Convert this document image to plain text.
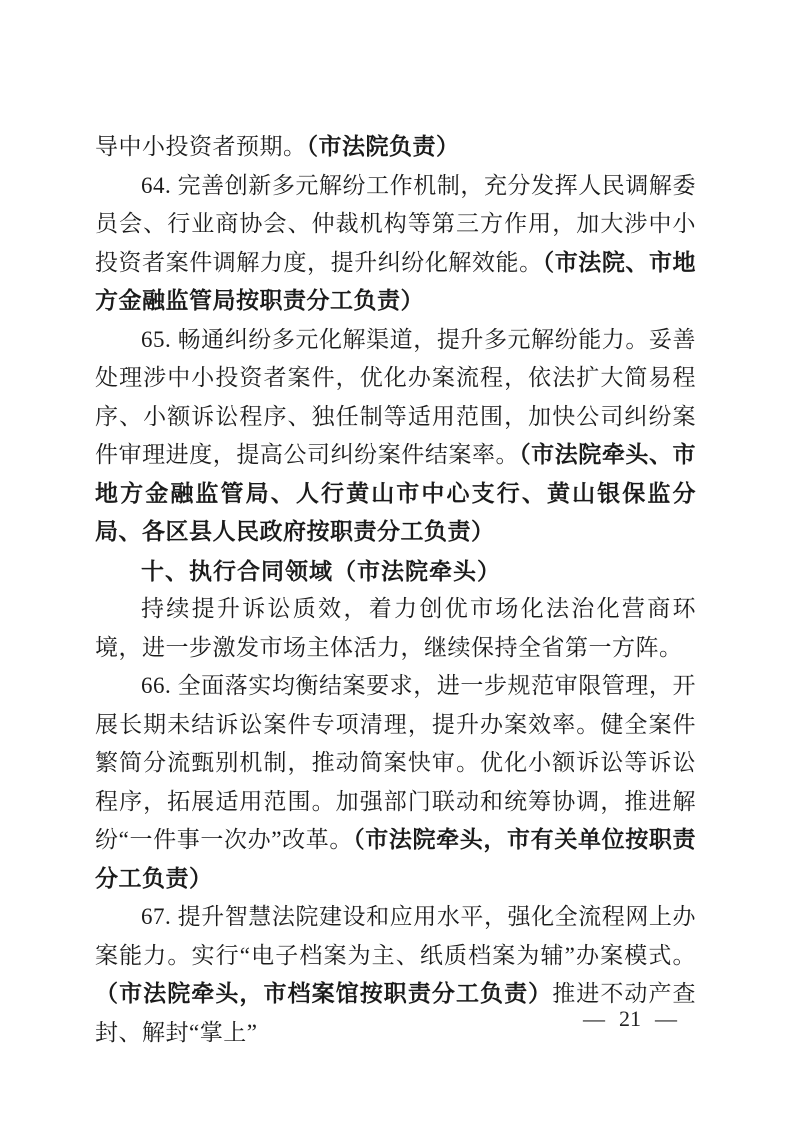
导中小投资者预期。（市法院负责）

64. 完善创新多元解纷工作机制，充分发挥人民调解委员会、行业商协会、仲裁机构等第三方作用，加大涉中小投资者案件调解力度，提升纠纷化解效能。（市法院、市地方金融监管局按职责分工负责）

65. 畅通纠纷多元化解渠道，提升多元解纷能力。妥善处理涉中小投资者案件，优化办案流程，依法扩大简易程序、小额诉讼程序、独任制等适用范围，加快公司纠纷案件审理进度，提高公司纠纷案件结案率。（市法院牵头、市地方金融监管局、人行黄山市中心支行、黄山银保监分局、各区县人民政府按职责分工负责）

十、执行合同领域（市法院牵头）

持续提升诉讼质效，着力创优市场化法治化营商环境，进一步激发市场主体活力，继续保持全省第一方阵。

66. 全面落实均衡结案要求，进一步规范审限管理，开展长期未结诉讼案件专项清理，提升办案效率。健全案件繁简分流甄别机制，推动简案快审。优化小额诉讼等诉讼程序，拓展适用范围。加强部门联动和统筹协调，推进解纷“一件事一次办”改革。（市法院牵头，市有关单位按职责分工负责）

67. 提升智慧法院建设和应用水平，强化全流程网上办案能力。实行“电子档案为主、纸质档案为辅”办案模式。（市法院牵头，市档案馆按职责分工负责）推进不动产查封、解封“掌上”

— 21 —
